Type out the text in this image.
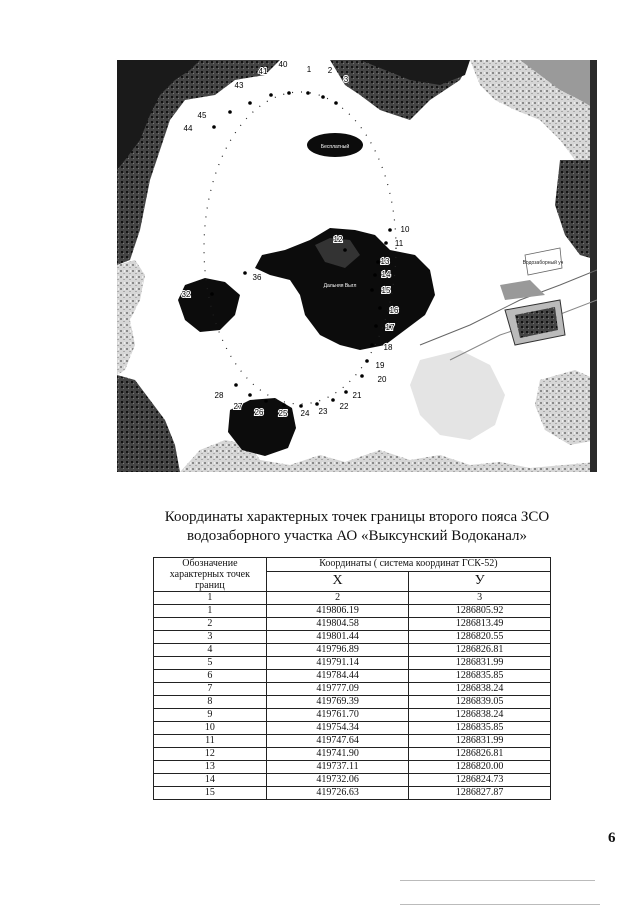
1 2
3
40
41
43
44
45
10
11
12
13
14
15
16
17
18
19
20
21
22
23
24
25
26
27
28
36
32
Бесплатный
Дальняя Выгл
Водозаборный уч
Координаты характерных точек границы второго пояса ЗСО
водозаборного участка АО «Выксунский Водоканал»
Обозначение характерных точек границ	Координаты ( система координат ГСК-52)	
	X	У
1	2	3
1	419806.19	1286805.92
2	419804.58	1286813.49
3	419801.44	1286820.55
4	419796.89	1286826.81
5	419791.14	1286831.99
6	419784.44	1286835.85
7	419777.09	1286838.24
8	419769.39	1286839.05
9	419761.70	1286838.24
10	419754.34	1286835.85
11	419747.64	1286831.99
12	419741.90	1286826.81
13	419737.11	1286820.00
14	419732.06	1286824.73
15	419726.63	1286827.87
6
